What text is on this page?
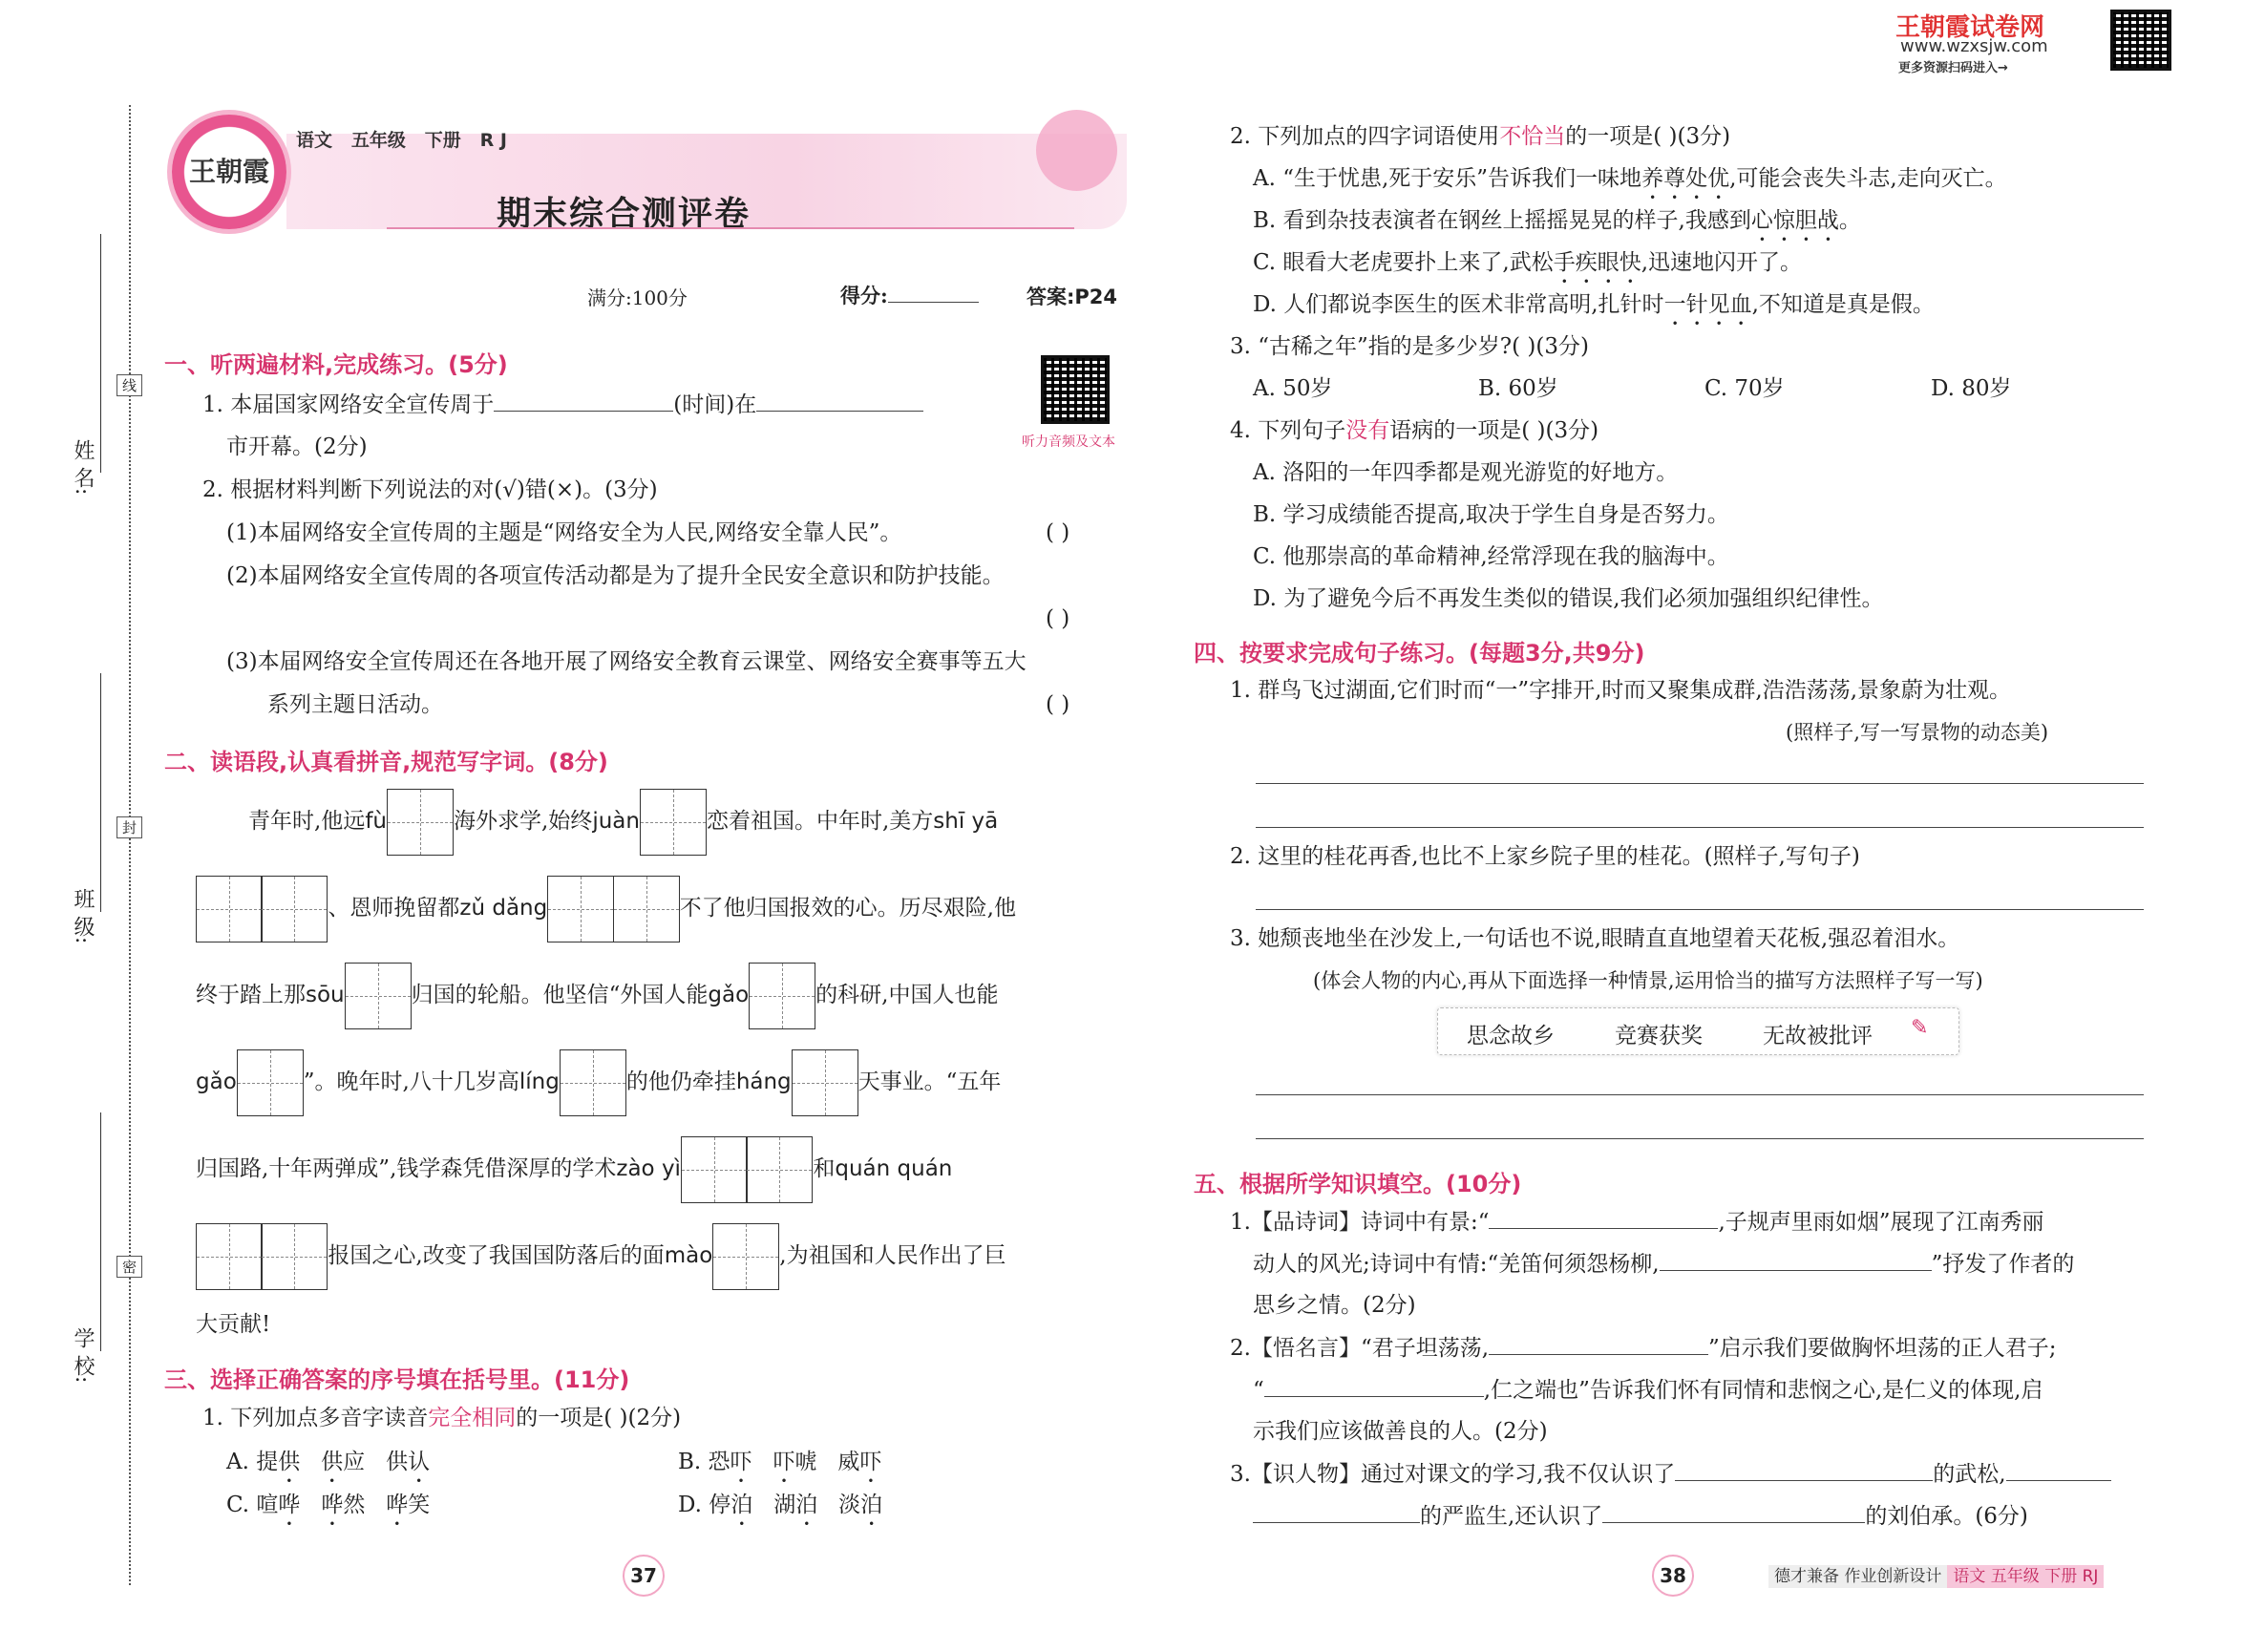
姓 名:
班 级:
学 校:
线
封
密
王朝霞
语文 五年级 下册 R J
期末综合测评卷
满分:100分	得分:	答案:P24
听力音频及文本
王朝霞试卷网
www.wzxsjw.com
更多资源扫码进入→
一、听两遍材料,完成练习。(5分)
1. 本届国家网络安全宣传周于	(时间)在
市开幕。(2分)
2. 根据材料判断下列说法的对(√)错(×)。(3分)
(1)本届网络安全宣传周的主题是“网络安全为人民,网络安全靠人民”。	( )
(2)本届网络安全宣传周的各项宣传活动都是为了提升全民安全意识和防护技能。
( )
(3)本届网络安全宣传周还在各地开展了网络安全教育云课堂、网络安全赛事等五大
系列主题日活动。	( )
二、读语段,认真看拼音,规范写字词。(8分)
青年时,他远fù	海外求学,始终juàn	恋着祖国。中年时,美方shī yā
、恩师挽留都zǔ dǎng	不了他归国报效的心。历尽艰险,他
终于踏上那sōu	归国的轮船。他坚信“外国人能gǎo	的科研,中国人也能
gǎo	”。晚年时,八十几岁高líng	的他仍牵挂háng	天事业。“五年
归国路,十年两弹成”,钱学森凭借深厚的学术zào yì	和quán quán
报国之心,改变了我国国防落后的面mào	,为祖国和人民作出了巨
大贡献!
三、选择正确答案的序号填在括号里。(11分)
1. 下列加点多音字读音完全相同的一项是( )(2分)
A. 提供 供应 供认	B. 恐吓 吓唬 威吓
C. 喧哗 哗然 哗笑	D. 停泊 湖泊 淡泊
37
2. 下列加点的四字词语使用不恰当的一项是( )(3分)
A. “生于忧患,死于安乐”告诉我们一味地养尊处优,可能会丧失斗志,走向灭亡。
B. 看到杂技表演者在钢丝上摇摇晃晃的样子,我感到心惊胆战。
C. 眼看大老虎要扑上来了,武松手疾眼快,迅速地闪开了。
D. 人们都说李医生的医术非常高明,扎针时一针见血,不知道是真是假。
3. “古稀之年”指的是多少岁?( )(3分)
A. 50岁	B. 60岁	C. 70岁	D. 80岁
4. 下列句子没有语病的一项是( )(3分)
A. 洛阳的一年四季都是观光游览的好地方。
B. 学习成绩能否提高,取决于学生自身是否努力。
C. 他那崇高的革命精神,经常浮现在我的脑海中。
D. 为了避免今后不再发生类似的错误,我们必须加强组织纪律性。
四、按要求完成句子练习。(每题3分,共9分)
1. 群鸟飞过湖面,它们时而“一”字排开,时而又聚集成群,浩浩荡荡,景象蔚为壮观。
(照样子,写一写景物的动态美)
2. 这里的桂花再香,也比不上家乡院子里的桂花。(照样子,写句子)
3. 她颓丧地坐在沙发上,一句话也不说,眼睛直直地望着天花板,强忍着泪水。
(体会人物的内心,再从下面选择一种情景,运用恰当的描写方法照样子写一写)
思念故乡	竞赛获奖	无故被批评 ✎
五、根据所学知识填空。(10分)
1.【品诗词】诗词中有景:“	,子规声里雨如烟”展现了江南秀丽
动人的风光;诗词中有情:“羌笛何须怨杨柳,	”抒发了作者的
思乡之情。(2分)
2.【悟名言】“君子坦荡荡,	”启示我们要做胸怀坦荡的正人君子;
“	,仁之端也”告诉我们怀有同情和悲悯之心,是仁义的体现,启
示我们应该做善良的人。(2分)
3.【识人物】通过对课文的学习,我不仅认识了	的武松,
的严监生,还认识了	的刘伯承。(6分)
38	德才兼备 作业创新设计 语文 五年级 下册 RJ
